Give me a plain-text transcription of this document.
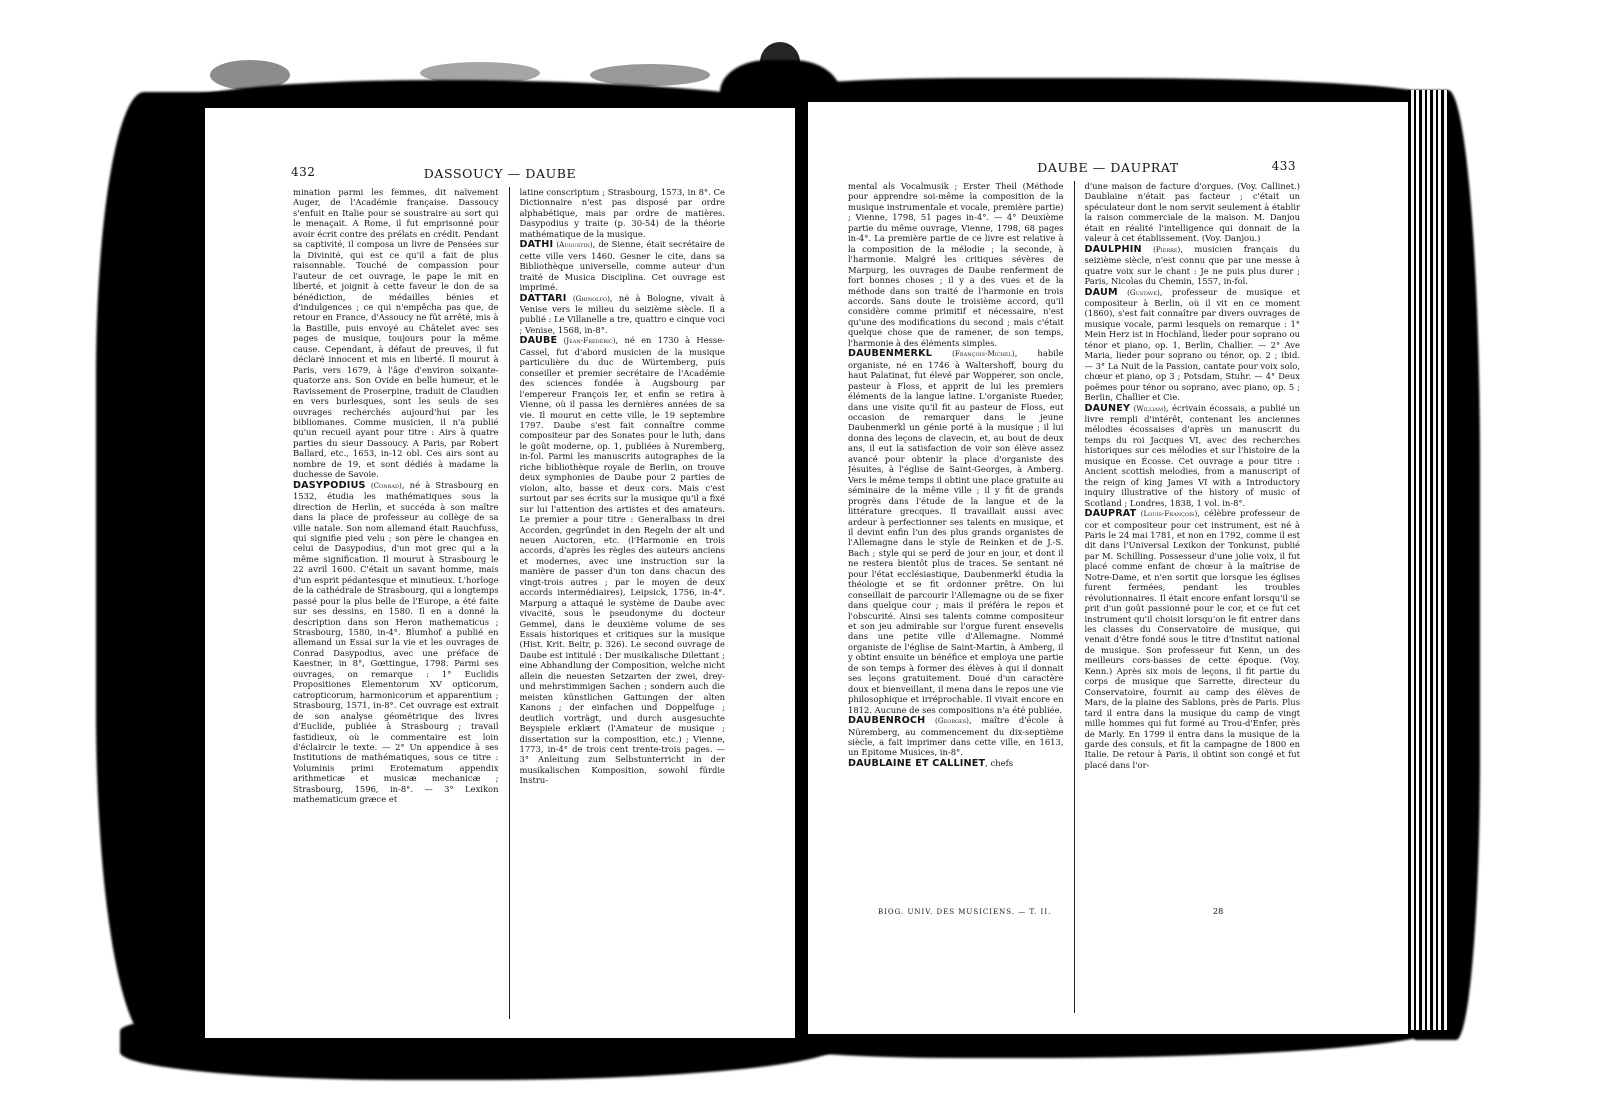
432	DASSOUCY — DAUBE

mination parmi les femmes, dit naïvement Auger, de l'Académie française. Dassoucy s'enfuit en Italie pour se soustraire au sort qui le menaçait. A Rome, il fut emprisonné pour avoir écrit contre des prélats en crédit. Pendant sa captivité, il composa un livre de Pensées sur la Divinité, qui est ce qu'il a fait de plus raisonnable. Touché de compassion pour l'auteur de cet ouvrage, le pape le mit en liberté, et joignit à cette faveur le don de sa bénédiction, de médailles bénies et d'indulgences ; ce qui n'empêcha pas que, de retour en France, d'Assoucy ne fût arrêté, mis à la Bastille, puis envoyé au Châtelet avec ses pages de musique, toujours pour la même cause. Cependant, à défaut de preuves, il fut déclaré innocent et mis en liberté. Il mourut à Paris, vers 1679, à l'âge d'environ soixante-quatorze ans. Son Ovide en belle humeur, et le Ravissement de Proserpine, traduit de Claudien en vers burlesques, sont les seuls de ses ouvrages recherchés aujourd'hui par les bibliomanes. Comme musicien, il n'a publié qu'un recueil ayant pour titre : Airs à quatre parties du sieur Dassoucy. A Paris, par Robert Ballard, etc., 1653, in-12 obl. Ces airs sont au nombre de 19, et sont dédiés à madame la duchesse de Savoie.

DASYPODIUS (Conrad), né à Strasbourg en 1532, étudia les mathématiques sous la direction de Herlin, et succéda à son maître dans la place de professeur au collège de sa ville natale. Son nom allemand était Rauchfuss, qui signifie pied velu ; son père le changea en celui de Dasypodius, d'un mot grec qui a la même signification. Il mourut à Strasbourg le 22 avril 1600. C'était un savant homme, mais d'un esprit pédantesque et minutieux. L'horloge de la cathédrale de Strasbourg, qui a longtemps passé pour la plus belle de l'Europe, a été faite sur ses dessins, en 1580. Il en a donné la description dans son Heron mathematicus ; Strasbourg, 1580, in-4°. Blumhof a publié en allemand un Essai sur la vie et les ouvrages de Conrad Dasypodius, avec une préface de Kaestner, in 8°, Gœttingue, 1798. Parmi ses ouvrages, on remarque : 1° Euclidis Propositiones Elementorum XV opticorum, catropticorum, harmonicorum et apparentium ; Strasbourg, 1571, in-8°. Cet ouvrage est extrait de son analyse géométrique des livres d'Euclide, publiée à Strasbourg ; travail fastidieux, où le commentaire est loin d'éclaircir le texte. — 2° Un appendice à ses Institutions de mathématiques, sous ce titre : Voluminis primi Erotematum appendix arithmeticæ et musicæ mechanicæ ; Strasbourg, 1596, in-8°. — 3° Lexikon mathematicum græce et

latine conscriptum ; Strasbourg, 1573, in 8°. Ce Dictionnaire n'est pas disposé par ordre alphabétique, mais par ordre de matières. Dasypodius y traite (p. 30-54) de la théorie mathématique de la musique.

DATHI (Augustin), de Sienne, était secrétaire de cette ville vers 1460. Gesner le cite, dans sa Bibliothèque universelle, comme auteur d'un traité de Musica Disciplina. Cet ouvrage est imprimé.

DATTARI (Ghinolfo), né à Bologne, vivait à Venise vers le milieu du seizième siècle. Il a publié : Le Villanelle a tre, quattro e cinque voci ; Venise, 1568, in-8°.

DAUBE (Jean-Frédéric), né en 1730 à Hesse-Cassel, fut d'abord musicien de la musique particulière du duc de Würtemberg, puis conseiller et premier secrétaire de l'Académie des sciences fondée à Augsbourg par l'empereur François Ier, et enfin se retira à Vienne, où il passa les dernières années de sa vie. Il mourut en cette ville, le 19 septembre 1797. Daube s'est fait connaître comme compositeur par des Sonates pour le luth, dans le goût moderne, op. 1, publiées à Nuremberg, in-fol. Parmi les manuscrits autographes de la riche bibliothèque royale de Berlin, on trouve deux symphonies de Daube pour 2 parties de violon, alto, basse et deux cors. Mais c'est surtout par ses écrits sur la musique qu'il a fixé sur lui l'attention des artistes et des amateurs. Le premier a pour titre : Generalbass in drei Accorden, gegründet in den Regeln der alt und neuen Auctoren, etc. (l'Harmonie en trois accords, d'après les règles des auteurs anciens et modernes, avec une instruction sur la manière de passer d'un ton dans chacun des vingt-trois autres ; par le moyen de deux accords intermédiaires), Leipsick, 1756, in-4°. Marpurg a attaqué le système de Daube avec vivacité, sous le pseudonyme du docteur Gemmel, dans le deuxième volume de ses Essais historiques et critiques sur la musique (Hist. Krit. Beitr, p. 326). Le second ouvrage de Daube est intitulé : Der musikalische Dilettant ; eine Abhandlung der Composition, welche nicht allein die neuesten Setzarten der zwei, drey-und mehrstimmigen Sachen ; sondern auch die meisten künstlichen Gattungen der alten Kanons ; der einfachen und Doppelfuge ; deutlich vorträgt, und durch ausgesuchte Beyspiele erklært (l'Amateur de musique ; dissertation sur la composition, etc.) ; Vienne, 1773, in-4° de trois cent trente-trois pages. — 3° Anleitung zum Selbstunterricht in der musikalischen Komposition, sowohl fürdie Instru-

DAUBE — DAUPRAT	433

mental als Vocalmusik ; Erster Theil (Méthode pour apprendre soi-même la composition de la musique instrumentale et vocale, première partie) ; Vienne, 1798, 51 pages in-4°. — 4° Deuxième partie du même ouvrage, Vienne, 1798, 68 pages in-4°. La première partie de ce livre est relative à la composition de la mélodie ; la seconde, à l'harmonie. Malgré les critiques sévères de Marpurg, les ouvrages de Daube renferment de fort bonnes choses ; il y a des vues et de la méthode dans son traité de l'harmonie en trois accords. Sans doute le troisième accord, qu'il considère comme primitif et nécessaire, n'est qu'une des modifications du second ; mais c'était quelque chose que de ramener, de son temps, l'harmonie à des éléments simples.

DAUBENMERKL	(François-Michel), habile organiste, né en 1746 à Waltershoff, bourg du haut Palatinat, fut élevé par Wopperer, son oncle, pasteur à Floss, et apprit de lui les premiers éléments de la langue latine. L'organiste Rueder, dans une visite qu'il fit au pasteur de Floss, eut occasion de remarquer dans le jeune Daubenmerkl un génie porté à la musique ; il lui donna des leçons de clavecin, et, au bout de deux ans, il eut la satisfaction de voir son élève assez avancé pour obtenir la place d'organiste des Jésuites, à l'église de Saint-Georges, à Amberg. Vers le même temps il obtint une place gratuite au séminaire de la même ville ; il y fit de grands progrès dans l'étude de la langue et de la littérature grecques. Il travaillait aussi avec ardeur à perfectionner ses talents en musique, et il devint enfin l'un des plus grands organistes de l'Allemagne dans le style de Reinken et de J.-S. Bach ; style qui se perd de jour en jour, et dont il ne restera bientôt plus de traces. Se sentant né pour l'état ecclésiastique, Daubenmerkl étudia la théologie et se fit ordonner prêtre. On lui conseillait de parcourir l'Allemagne ou de se fixer dans quelque cour ; mais il préféra le repos et l'obscurité. Ainsi ses talents comme compositeur et son jeu admirable sur l'orgue furent ensevelis dans une petite ville d'Allemagne. Nommé organiste de l'église de Saint-Martin, à Amberg, il y obtint ensuite un bénéfice et employa une partie de son temps à former des élèves à qui il donnait ses leçons gratuitement. Doué d'un caractère doux et bienveillant, il mena dans le repos une vie philosophique et irréprochable. Il vivait encore en 1812. Aucune de ses compositions n'a été publiée.

DAUBENROCH (Georges), maître d'école à Nüremberg, au commencement du dix-septième siècle, a fait imprimer dans cette ville, en 1613, un Epitome Musices, in-8°.

DAUBLAINE ET CALLINET, chefs

d'une maison de facture d'orgues. (Voy. Callinet.) Daublaine n'était pas facteur ; c'était un spéculateur dont le nom servit seulement à établir la raison commerciale de la maison. M. Danjou était en réalité l'intelligence qui donnait de la valeur à cet établissement. (Voy. Danjou.)

DAULPHIN (Pierre), musicien français du seizième siècle, n'est connu que par une messe à quatre voix sur le chant : Je ne puis plus durer ; Paris, Nicolas du Chemin, 1557, in-fol.

DAUM (Gustave), professeur de musique et compositeur à Berlin, où il vit en ce moment (1860), s'est fait connaître par divers ouvrages de musique vocale, parmi lesquels on remarque : 1° Mein Herz ist in Hochland, lieder pour soprano ou ténor et piano, op. 1, Berlin, Challier. — 2° Ave Maria, lieder pour soprano ou ténor, op. 2 ; ibid. — 3° La Nuit de la Passion, cantate pour voix solo, chœur et piano, op 3 ; Potsdam, Stuhr. — 4° Deux poëmes pour ténor ou soprano, avec piano, op. 5 ; Berlin, Challier et Cie.

DAUNEY (William), écrivain écossais, a publié un livre rempli d'intérêt, contenant les anciennes mélodies écossaises d'après un manuscrit du temps du roi Jacques VI, avec des recherches historiques sur ces mélodies et sur l'histoire de la musique en Écosse. Cet ouvrage a pour titre : Ancient scottish melodies, from a manuscript of the reign of king James VI with a Introductory inquiry illustrative of the history of music of Scotland ; Londres, 1838, 1 vol. in-8°.

DAUPRAT (Louis-François), célèbre professeur de cor et compositeur pour cet instrument, est né à Paris le 24 mai 1781, et non en 1792, comme il est dit dans l'Universal Lexikon der Tonkunst, publié par M. Schilling. Possesseur d'une jolie voix, il fut placé comme enfant de chœur à la maîtrise de Notre-Dame, et n'en sortit que lorsque les églises furent fermées, pendant les troubles révolutionnaires. Il était encore enfant lorsqu'il se prit d'un goût passionné pour le cor, et ce fut cet instrument qu'il choisit lorsqu'on le fit entrer dans les classes du Conservatoire de musique, qui venait d'être fondé sous le titre d'Institut national de musique. Son professeur fut Kenn, un des meilleurs cors-basses de cette époque. (Voy. Kenn.) Après six mois de leçons, il fit partie du corps de musique que Sarrette, directeur du Conservatoire, fournit au camp des élèves de Mars, de la plaine des Sablons, près de Paris. Plus tard il entra dans la musique du camp de vingt mille hommes qui fut formé au Trou-d'Enfer, près de Marly. En 1799 il entra dans la musique de la garde des consuls, et fit la campagne de 1800 en Italie. De retour à Paris, il obtint son congé et fut placé dans l'or-

BIOG. UNIV. DES MUSICIENS. — T. II.	28
